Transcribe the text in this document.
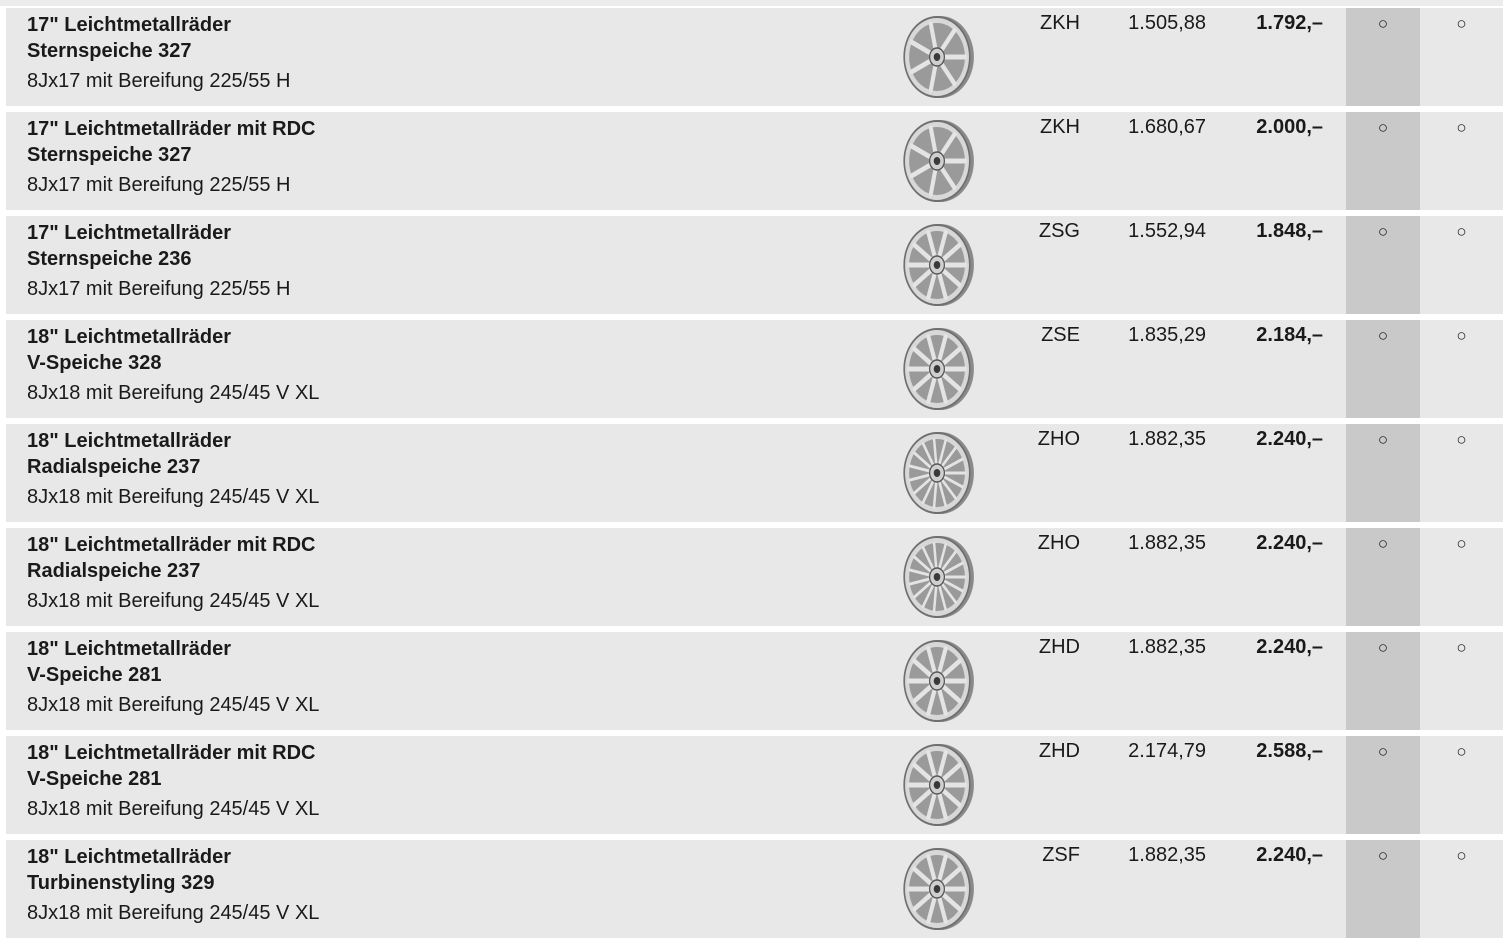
17" Leichtmetallräder
Sternspeiche 327
8Jx17 mit Bereifung 225/55 H
ZKH	1.505,88	1.792,–	○	○
17" Leichtmetallräder mit RDC
Sternspeiche 327
8Jx17 mit Bereifung 225/55 H
ZKH	1.680,67	2.000,–	○	○
17" Leichtmetallräder
Sternspeiche 236
8Jx17 mit Bereifung 225/55 H
ZSG	1.552,94	1.848,–	○	○
18" Leichtmetallräder
V-Speiche 328
8Jx18 mit Bereifung 245/45 V XL
ZSE	1.835,29	2.184,–	○	○
18" Leichtmetallräder
Radialspeiche 237
8Jx18 mit Bereifung 245/45 V XL
ZHO	1.882,35	2.240,–	○	○
18" Leichtmetallräder mit RDC
Radialspeiche 237
8Jx18 mit Bereifung 245/45 V XL
ZHO	1.882,35	2.240,–	○	○
18" Leichtmetallräder
V-Speiche 281
8Jx18 mit Bereifung 245/45 V XL
ZHD	1.882,35	2.240,–	○	○
18" Leichtmetallräder mit RDC
V-Speiche 281
8Jx18 mit Bereifung 245/45 V XL
ZHD	2.174,79	2.588,–	○	○
18" Leichtmetallräder
Turbinenstyling 329
8Jx18 mit Bereifung 245/45 V XL
ZSF	1.882,35	2.240,–	○	○
